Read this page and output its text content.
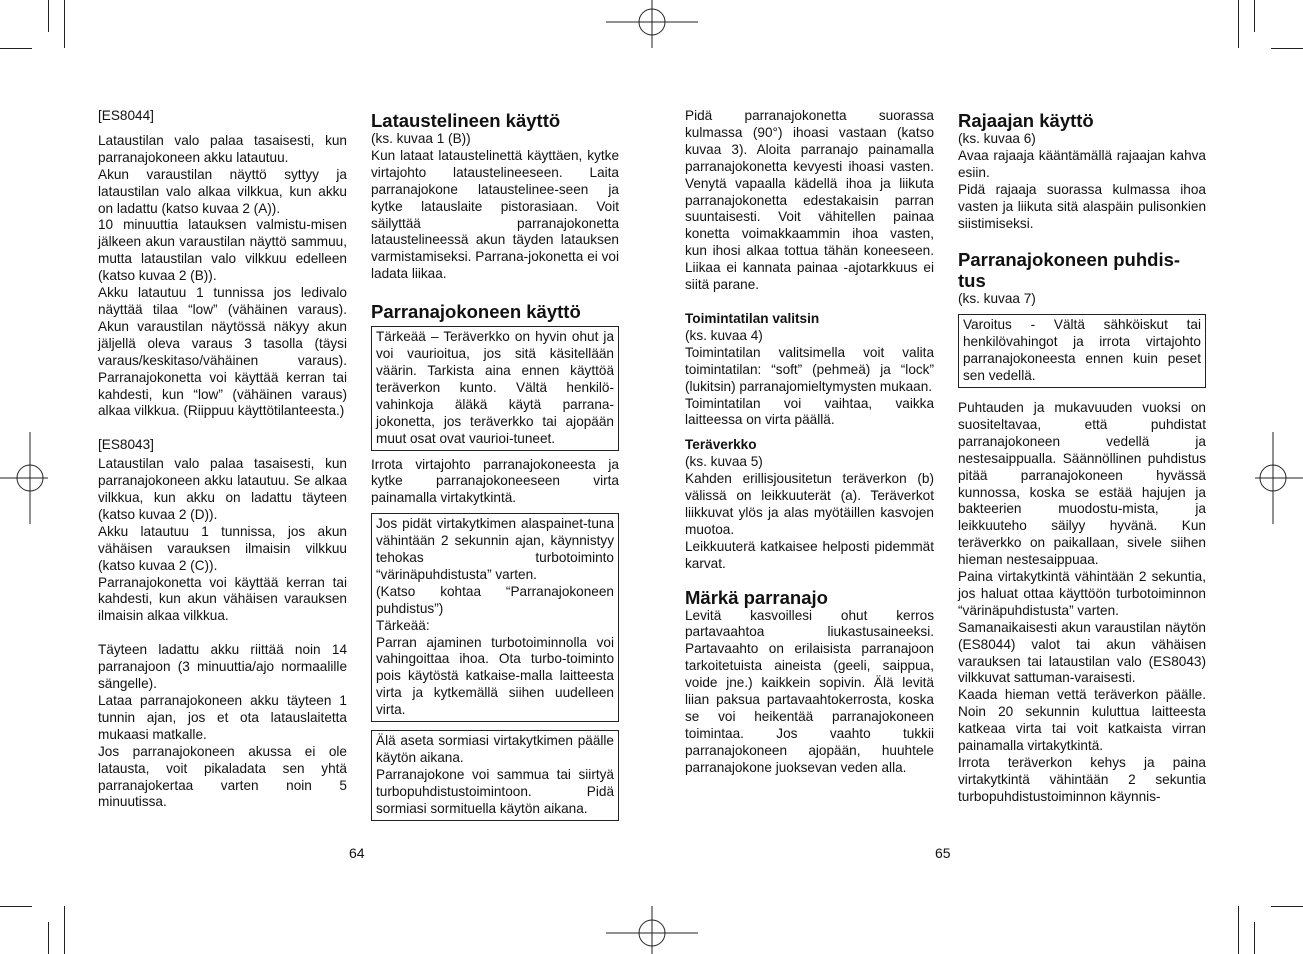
[ES8044]

Lataustilan valo palaa tasaisesti, kun parranajokoneen akku latautuu.

Akun varaustilan näyttö syttyy ja lataustilan valo alkaa vilkkua, kun akku on ladattu (katso kuvaa 2 (A)).

10 minuuttia latauksen valmistu-misen jälkeen akun varaustilan näyttö sammuu, mutta lataustilan valo vilkkuu edelleen (katso kuvaa 2 (B)).

Akku latautuu 1 tunnissa jos ledivalo näyttää tilaa “low” (vähäinen varaus). Akun varaustilan näytössä näkyy akun jäljellä oleva varaus 3 tasolla (täysi varaus/keskitaso/vähäinen varaus). Parranajokonetta voi käyttää kerran tai kahdesti, kun “low” (vähäinen varaus) alkaa vilkkua. (Riippuu käyttötilanteesta.)

[ES8043]

Lataustilan valo palaa tasaisesti, kun parranajokoneen akku latautuu. Se alkaa vilkkua, kun akku on ladattu täyteen (katso kuvaa 2 (D)).

Akku latautuu 1 tunnissa, jos akun vähäisen varauksen ilmaisin vilkkuu (katso kuvaa 2 (C)).

Parranajokonetta voi käyttää kerran tai kahdesti, kun akun vähäisen varauksen ilmaisin alkaa vilkkua.

Täyteen ladattu akku riittää noin 14 parranajoon (3 minuuttia/ajo normaalille sängelle).

Lataa parranajokoneen akku täyteen 1 tunnin ajan, jos et ota latauslaitetta mukaasi matkalle.

Jos parranajokoneen akussa ei ole latausta, voit pikaladata sen yhtä parranajokertaa varten noin 5 minuutissa.

Lataustelineen käyttö

(ks. kuvaa 1 (B))

Kun lataat lataustelinettä käyttäen, kytke virtajohto lataustelineeseen. Laita parranajokone lataustelinee-seen ja kytke latauslaite pistorasiaan. Voit säilyttää parranajokonetta lataustelineessä akun täyden latauksen varmistamiseksi. Parrana-jokonetta ei voi ladata liikaa.

Parranajokoneen käyttö

Tärkeää – Teräverkko on hyvin ohut ja voi vaurioitua, jos sitä käsitellään väärin. Tarkista aina ennen käyttöä teräverkon kunto. Vältä henkilö-vahinkoja äläkä käytä parrana-jokonetta, jos teräverkko tai ajopään muut osat ovat vaurioi-tuneet.

Irrota virtajohto parranajokoneesta ja kytke parranajokoneeseen virta painamalla virtakytkintä.

Jos pidät virtakytkimen alaspainet-tuna vähintään 2 sekunnin ajan, käynnistyy tehokas turbotoiminto “värinäpuhdistusta” varten.

(Katso kohtaa “Parranajokoneen puhdistus”)

Tärkeää:

Parran ajaminen turbotoiminnolla voi vahingoittaa ihoa. Ota turbo-toiminto pois käytöstä katkaise-malla laitteesta virta ja kytkemällä siihen uudelleen virta.

Älä aseta sormiasi virtakytkimen päälle käytön aikana.

Parranajokone voi sammua tai siirtyä turbopuhdistustoimintoon. Pidä sormiasi sormituella käytön aikana.

Pidä parranajokonetta suorassa kulmassa (90°) ihoasi vastaan (katso kuvaa 3). Aloita parranajo painamalla parranajokonetta kevyesti ihoasi vasten. Venytä vapaalla kädellä ihoa ja liikuta parranajokonetta edestakaisin parran suuntaisesti. Voit vähitellen painaa konetta voimakkaammin ihoa vasten, kun ihosi alkaa tottua tähän koneeseen. Liikaa ei kannata painaa -ajotarkkuus ei siitä parane.

Toimintatilan valitsin

(ks. kuvaa 4)

Toimintatilan valitsimella voit valita toimintatilan: “soft” (pehmeä) ja “lock” (lukitsin) parranajomieltymysten mukaan.

Toimintatilan voi vaihtaa, vaikka laitteessa on virta päällä.

Teräverkko

(ks. kuvaa 5)

Kahden erillisjousitetun teräverkon (b) välissä on leikkuuterät (a). Teräverkot liikkuvat ylös ja alas myötäillen kasvojen muotoa.

Leikkuuterä katkaisee helposti pidemmät karvat.

Märkä parranajo

Levitä kasvoillesi ohut kerros partavaahtoa liukastusaineeksi. Partavaahto on erilaisista parranajoon tarkoitetuista aineista (geeli, saippua, voide jne.) kaikkein sopivin. Älä levitä liian paksua partavaahtokerrosta, koska se voi heikentää parranajokoneen toimintaa. Jos vaahto tukkii parranajokoneen ajopään, huuhtele parranajokone juoksevan veden alla.

Rajaajan käyttö

(ks. kuvaa 6)

Avaa rajaaja kääntämällä rajaajan kahva esiin.

Pidä rajaaja suorassa kulmassa ihoa vasten ja liikuta sitä alaspäin pulisonkien siistimiseksi.

Parranajokoneen puhdis-tus

(ks. kuvaa 7)

Varoitus - Vältä sähköiskut tai henkilövahingot ja irrota virtajohto parranajokoneesta ennen kuin peset sen vedellä.

Puhtauden ja mukavuuden vuoksi on suositeltavaa, että puhdistat parranajokoneen vedellä ja nestesaippualla. Säännöllinen puhdistus pitää parranajokoneen hyvässä kunnossa, koska se estää hajujen ja bakteerien muodostu-mista, ja leikkuuteho säilyy hyvänä. Kun teräverkko on paikallaan, sivele siihen hieman nestesaippuaa.

Paina virtakytkintä vähintään 2 sekuntia, jos haluat ottaa käyttöön turbotoiminnon “värinäpuhdistusta” varten.

Samanaikaisesti akun varaustilan näytön (ES8044) valot tai akun vähäisen varauksen tai lataustilan valo (ES8043) vilkkuvat sattuman-varaisesti.

Kaada hieman vettä teräverkon päälle. Noin 20 sekunnin kuluttua laitteesta katkeaa virta tai voit katkaista virran painamalla virtakytkintä.

Irrota teräverkon kehys ja paina virtakytkintä vähintään 2 sekuntia turbopuhdistustoiminnon käynnis-

64	65
